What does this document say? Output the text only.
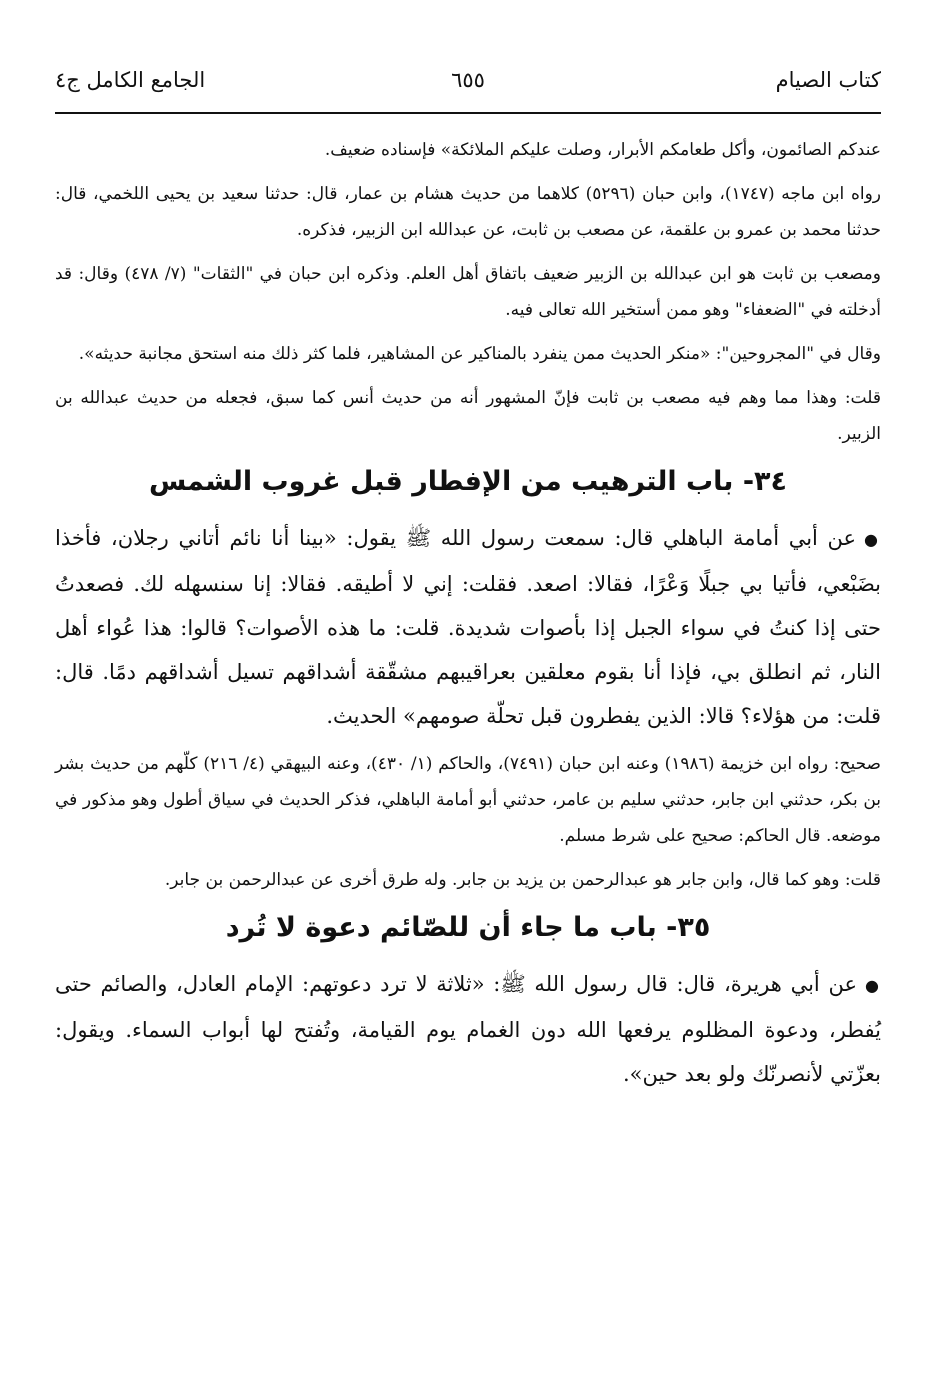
كتاب الصيام
٦٥٥
الجامع الكامل ج٤

عندكم الصائمون، وأكل طعامكم الأبرار، وصلت عليكم الملائكة» فإسناده ضعيف.

رواه ابن ماجه (١٧٤٧)، وابن حبان (٥٢٩٦) كلاهما من حديث هشام بن عمار، قال: حدثنا سعيد بن يحيى اللخمي، قال: حدثنا محمد بن عمرو بن علقمة، عن مصعب بن ثابت، عن عبدالله ابن الزبير، فذكره.

ومصعب بن ثابت هو ابن عبدالله بن الزبير ضعيف باتفاق أهل العلم. وذكره ابن حبان في "الثقات" (٧/ ٤٧٨) وقال: قد أدخلته في "الضعفاء" وهو ممن أستخير الله تعالى فيه.

وقال في "المجروحين": «منكر الحديث ممن ينفرد بالمناكير عن المشاهير، فلما كثر ذلك منه استحق مجانبة حديثه».

قلت: وهذا مما وهم فيه مصعب بن ثابت فإنّ المشهور أنه من حديث أنس كما سبق، فجعله من حديث عبدالله بن الزبير.

٣٤- باب الترهيب من الإفطار قبل غروب الشمس

●عن أبي أمامة الباهلي قال: سمعت رسول الله ﷺ يقول: «بينا أنا نائم أتاني رجلان، فأخذا بضَبْعي، فأتيا بي جبلًا وَعْرًا، فقالا: اصعد. فقلت: إني لا أطيقه. فقالا: إنا سنسهله لك. فصعدتُ حتى إذا كنتُ في سواء الجبل إذا بأصوات شديدة. قلت: ما هذه الأصوات؟ قالوا: هذا عُواء أهل النار، ثم انطلق بي، فإذا أنا بقوم معلقين بعراقيبهم مشقّقة أشداقهم تسيل أشداقهم دمًا. قال: قلت: من هؤلاء؟ قالا: الذين يفطرون قبل تحلّة صومهم» الحديث.

صحيح: رواه ابن خزيمة (١٩٨٦) وعنه ابن حبان (٧٤٩١)، والحاكم (١/ ٤٣٠)، وعنه البيهقي (٤/ ٢١٦) كلّهم من حديث بشر بن بكر، حدثني ابن جابر، حدثني سليم بن عامر، حدثني أبو أمامة الباهلي، فذكر الحديث في سياق أطول وهو مذكور في موضعه. قال الحاكم: صحيح على شرط مسلم.

قلت: وهو كما قال، وابن جابر هو عبدالرحمن بن يزيد بن جابر. وله طرق أخرى عن عبدالرحمن بن جابر.

٣٥- باب ما جاء أن للصّائم دعوة لا تُرد

●عن أبي هريرة، قال: قال رسول الله ﷺ: «ثلاثة لا ترد دعوتهم: الإمام العادل، والصائم حتى يُفطر، ودعوة المظلوم يرفعها الله دون الغمام يوم القيامة، وتُفتح لها أبواب السماء. ويقول: بعزّتي لأنصرنّك ولو بعد حين».
